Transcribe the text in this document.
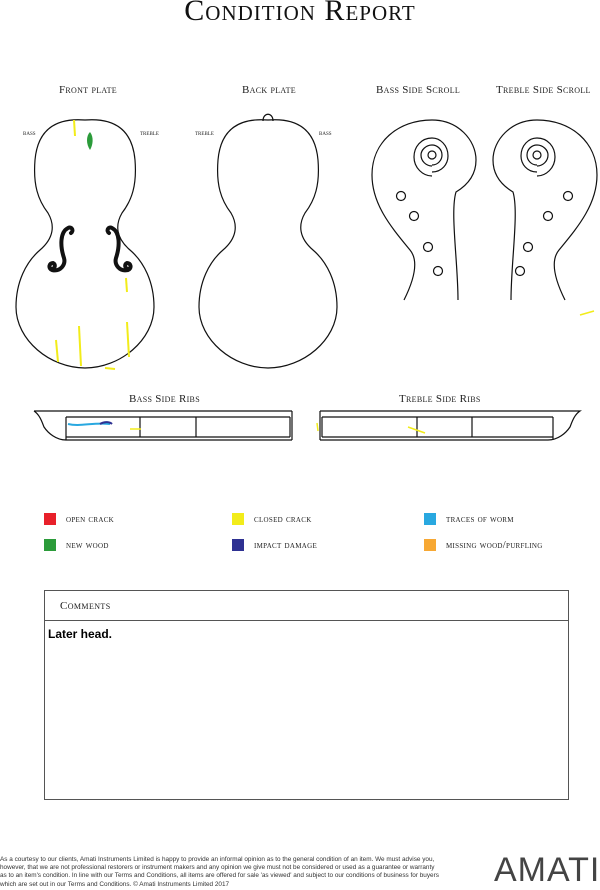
Condition Report
Front plate	Back plate	Bass Side Scroll	Treble Side Scroll
bass	treble	treble	bass
Bass Side Ribs	Treble Side Ribs
open crack	closed crack	traces of worm
new wood	impact damage	missing wood/purfling
Comments
Later head.
As a courtesy to our clients, Amati Instruments Limited is happy to provide an informal opinion as to the general condition of an item. We must advise you, however, that we are not professional restorers or instrument makers and any opinion we give must not be considered or used as a guarantee or warranty as to an item's condition. In line with our Terms and Conditions, all items are offered for sale 'as viewed' and subject to our conditions of business for buyers which are set out in our Terms and Conditions. © Amati Instruments Limited 2017	AMATI
